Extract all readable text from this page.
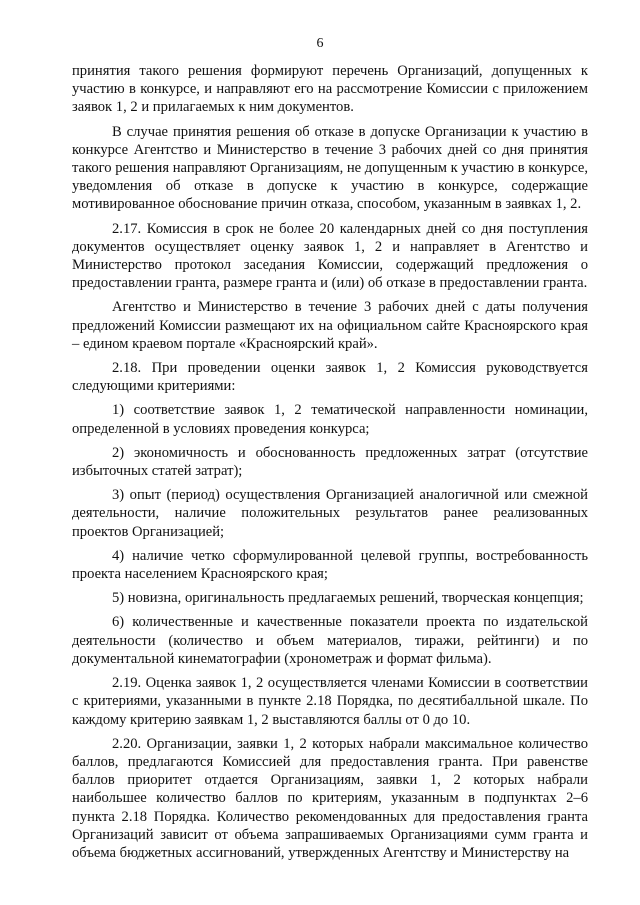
6

принятия такого решения формируют перечень Организаций, допущенных к участию в конкурсе, и направляют его на рассмотрение Комиссии с приложением заявок 1, 2 и прилагаемых к ним документов.

В случае принятия решения об отказе в допуске Организации к участию в конкурсе Агентство и Министерство в течение 3 рабочих дней со дня принятия такого решения направляют Организациям, не допущенным к участию в конкурсе, уведомления об отказе в допуске к участию в конкурсе, содержащие мотивированное обоснование причин отказа, способом, указанным в заявках 1, 2.

2.17. Комиссия в срок не более 20 календарных дней со дня поступления документов осуществляет оценку заявок 1, 2 и направляет в Агентство и Министерство протокол заседания Комиссии, содержащий предложения о предоставлении гранта, размере гранта и (или) об отказе в предоставлении гранта.

Агентство и Министерство в течение 3 рабочих дней с даты получения предложений Комиссии размещают их на официальном сайте Красноярского края – едином краевом портале «Красноярский край».

2.18. При проведении оценки заявок 1, 2 Комиссия руководствуется следующими критериями:

1) соответствие заявок 1, 2 тематической направленности номинации, определенной в условиях проведения конкурса;

2) экономичность и обоснованность предложенных затрат (отсутствие избыточных статей затрат);

3) опыт (период) осуществления Организацией аналогичной или смежной деятельности, наличие положительных результатов ранее реализованных проектов Организацией;

4) наличие четко сформулированной целевой группы, востребованность проекта населением Красноярского края;

5) новизна, оригинальность предлагаемых решений, творческая концепция;

6) количественные и качественные показатели проекта по издательской деятельности (количество и объем материалов, тиражи, рейтинги) и по документальной кинематографии (хронометраж и формат фильма).

2.19. Оценка заявок 1, 2 осуществляется членами Комиссии в соответствии с критериями, указанными в пункте 2.18 Порядка, по десятибалльной шкале. По каждому критерию заявкам 1, 2 выставляются баллы от 0 до 10.

2.20. Организации, заявки 1, 2 которых набрали максимальное количество баллов, предлагаются Комиссией для предоставления гранта. При равенстве баллов приоритет отдается Организациям, заявки 1, 2 которых набрали наибольшее количество баллов по критериям, указанным в подпунктах 2–6 пункта 2.18 Порядка. Количество рекомендованных для предоставления гранта Организаций зависит от объема запрашиваемых Организациями сумм гранта и объема бюджетных ассигнований, утвержденных Агентству и Министерству на
